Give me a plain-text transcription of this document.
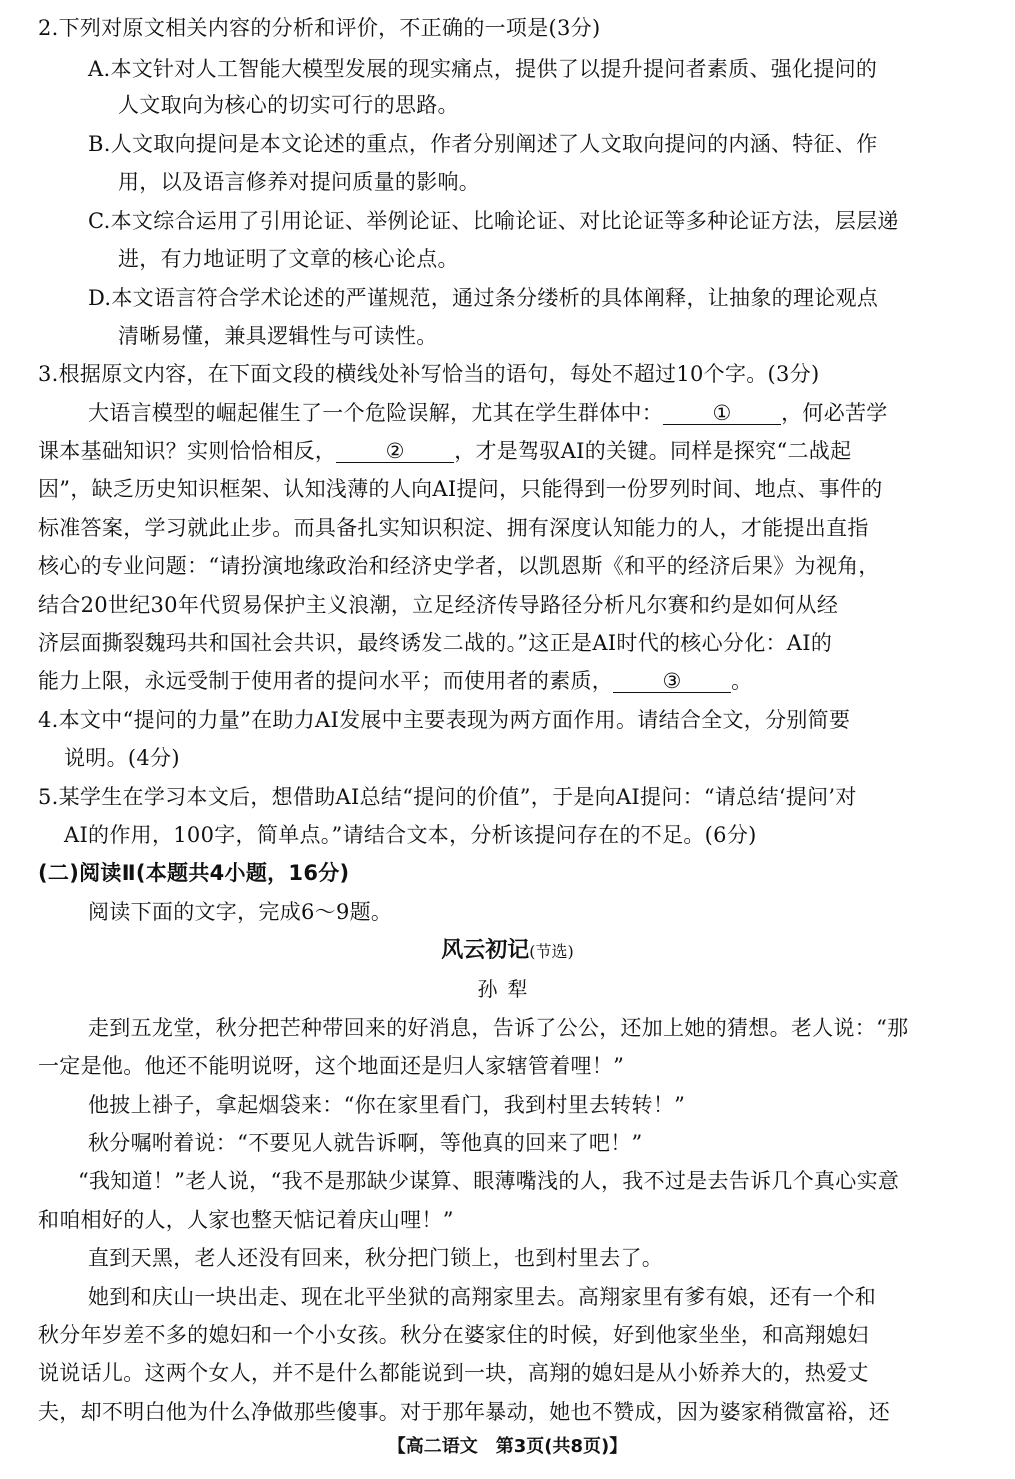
2.下列对原文相关内容的分析和评价，不正确的一项是(3分)
A.本文针对人工智能大模型发展的现实痛点，提供了以提升提问者素质、强化提问的
人文取向为核心的切实可行的思路。
B.人文取向提问是本文论述的重点，作者分别阐述了人文取向提问的内涵、特征、作
用，以及语言修养对提问质量的影响。
C.本文综合运用了引用论证、举例论证、比喻论证、对比论证等多种论证方法，层层递
进，有力地证明了文章的核心论点。
D.本文语言符合学术论述的严谨规范，通过条分缕析的具体阐释，让抽象的理论观点
清晰易懂，兼具逻辑性与可读性。
3.根据原文内容，在下面文段的横线处补写恰当的语句，每处不超过10个字。(3分)
大语言模型的崛起催生了一个危险误解，尤其在学生群体中： ① ，何必苦学
课本基础知识？实则恰恰相反， ② ，才是驾驭AI的关键。同样是探究“二战起
因”，缺乏历史知识框架、认知浅薄的人向AI提问，只能得到一份罗列时间、地点、事件的
标准答案，学习就此止步。而具备扎实知识积淀、拥有深度认知能力的人，才能提出直指
核心的专业问题：“请扮演地缘政治和经济史学者，以凯恩斯《和平的经济后果》为视角，
结合20世纪30年代贸易保护主义浪潮，立足经济传导路径分析凡尔赛和约是如何从经
济层面撕裂魏玛共和国社会共识，最终诱发二战的。”这正是AI时代的核心分化：AI的
能力上限，永远受制于使用者的提问水平；而使用者的素质， ③ 。
4.本文中“提问的力量”在助力AI发展中主要表现为两方面作用。请结合全文，分别简要
说明。(4分)
5.某学生在学习本文后，想借助AI总结“提问的价值”，于是向AI提问：“请总结‘提问’对
AI的作用，100字，简单点。”请结合文本，分析该提问存在的不足。(6分)
(二)阅读Ⅱ(本题共4小题，16分)
阅读下面的文字，完成6～9题。
风云初记(节选)
孙犁
走到五龙堂，秋分把芒种带回来的好消息，告诉了公公，还加上她的猜想。老人说：“那
一定是他。他还不能明说呀，这个地面还是归人家辖管着哩！”
他披上褂子，拿起烟袋来：“你在家里看门，我到村里去转转！”
秋分嘱咐着说：“不要见人就告诉啊，等他真的回来了吧！”
“我知道！”老人说，“我不是那缺少谋算、眼薄嘴浅的人，我不过是去告诉几个真心实意
和咱相好的人，人家也整天惦记着庆山哩！”
直到天黑，老人还没有回来，秋分把门锁上，也到村里去了。
她到和庆山一块出走、现在北平坐狱的高翔家里去。高翔家里有爹有娘，还有一个和
秋分年岁差不多的媳妇和一个小女孩。秋分在婆家住的时候，好到他家坐坐，和高翔媳妇
说说话儿。这两个女人，并不是什么都能说到一块，高翔的媳妇是从小娇养大的，热爱丈
夫，却不明白他为什么净做那些傻事。对于那年暴动，她也不赞成，因为婆家稍微富裕，还
【高二语文　第3页(共8页)】
